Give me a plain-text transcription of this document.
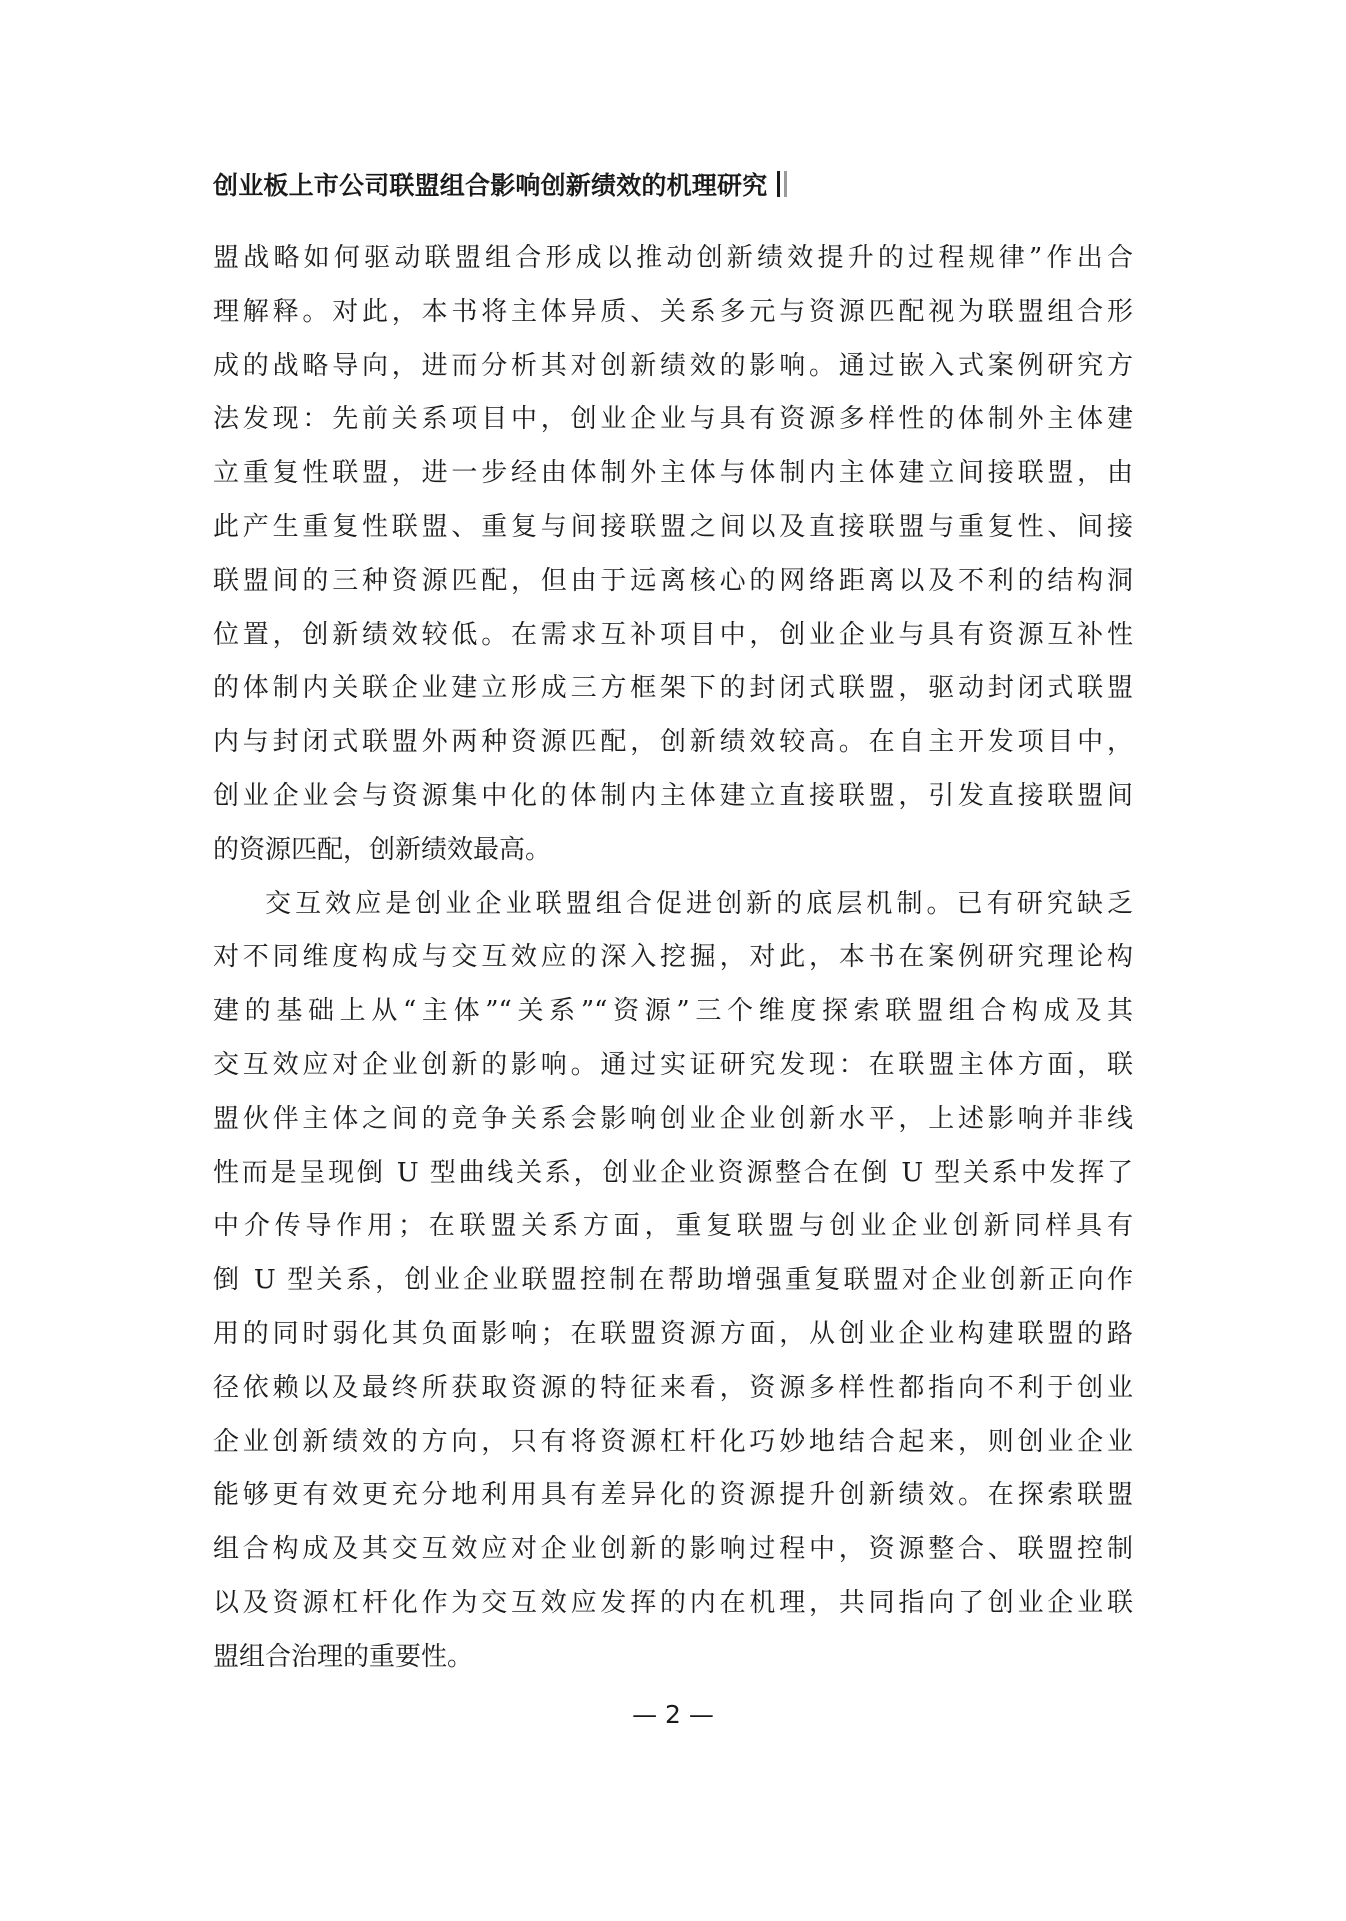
创业板上市公司联盟组合影响创新绩效的机理研究
盟战略如何驱动联盟组合形成以推动创新绩效提升的过程规律”作出合
理解释。对此，本书将主体异质、关系多元与资源匹配视为联盟组合形
成的战略导向，进而分析其对创新绩效的影响。通过嵌入式案例研究方
法发现：先前关系项目中，创业企业与具有资源多样性的体制外主体建
立重复性联盟，进一步经由体制外主体与体制内主体建立间接联盟，由
此产生重复性联盟、重复与间接联盟之间以及直接联盟与重复性、间接
联盟间的三种资源匹配，但由于远离核心的网络距离以及不利的结构洞
位置，创新绩效较低。在需求互补项目中，创业企业与具有资源互补性
的体制内关联企业建立形成三方框架下的封闭式联盟，驱动封闭式联盟
内与封闭式联盟外两种资源匹配，创新绩效较高。在自主开发项目中，
创业企业会与资源集中化的体制内主体建立直接联盟，引发直接联盟间
的资源匹配，创新绩效最高。
交互效应是创业企业联盟组合促进创新的底层机制。已有研究缺乏
对不同维度构成与交互效应的深入挖掘，对此，本书在案例研究理论构
建的基础上从“主体”“关系”“资源”三个维度探索联盟组合构成及其
交互效应对企业创新的影响。通过实证研究发现：在联盟主体方面，联
盟伙伴主体之间的竞争关系会影响创业企业创新水平，上述影响并非线
性而是呈现倒 U 型曲线关系，创业企业资源整合在倒 U 型关系中发挥了
中介传导作用；在联盟关系方面，重复联盟与创业企业创新同样具有
倒 U 型关系，创业企业联盟控制在帮助增强重复联盟对企业创新正向作
用的同时弱化其负面影响；在联盟资源方面，从创业企业构建联盟的路
径依赖以及最终所获取资源的特征来看，资源多样性都指向不利于创业
企业创新绩效的方向，只有将资源杠杆化巧妙地结合起来，则创业企业
能够更有效更充分地利用具有差异化的资源提升创新绩效。在探索联盟
组合构成及其交互效应对企业创新的影响过程中，资源整合、联盟控制
以及资源杠杆化作为交互效应发挥的内在机理，共同指向了创业企业联
盟组合治理的重要性。
— 2 —
